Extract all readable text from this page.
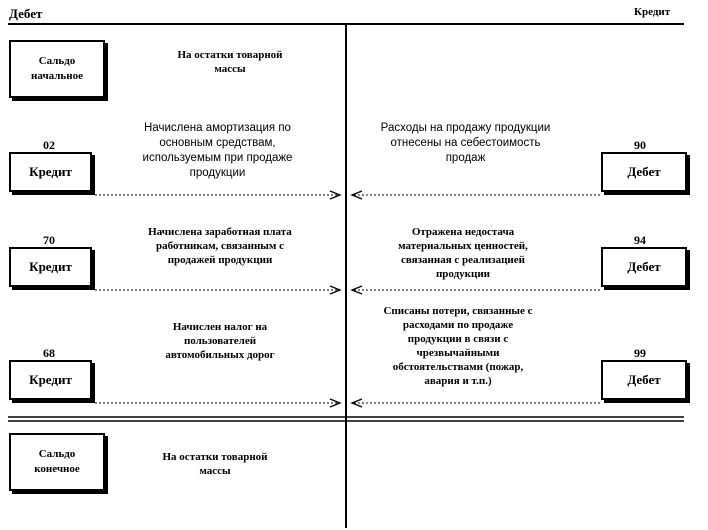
Дебет	Кредит
Сальдо начальное
На остатки товарной массы
02
Кредит
Начислена амортизация по основным средствам, используемым при продаже продукции
Расходы на продажу продукции отнесены на себестоимость продаж
90
Дебет
70
Кредит
Начислена заработная плата работникам, связанным с продажей продукции
Отражена недостача материальных ценностей, связанная с реализацией продукции
94
Дебет
68
Кредит
Начислен налог на пользователей автомобильных дорог
Списаны потери, связанные с расходами по продаже продукции в связи с чрезвычайными обстоятельствами (пожар, авария и т.п.)
99
Дебет
Сальдо конечное
На остатки товарной массы
